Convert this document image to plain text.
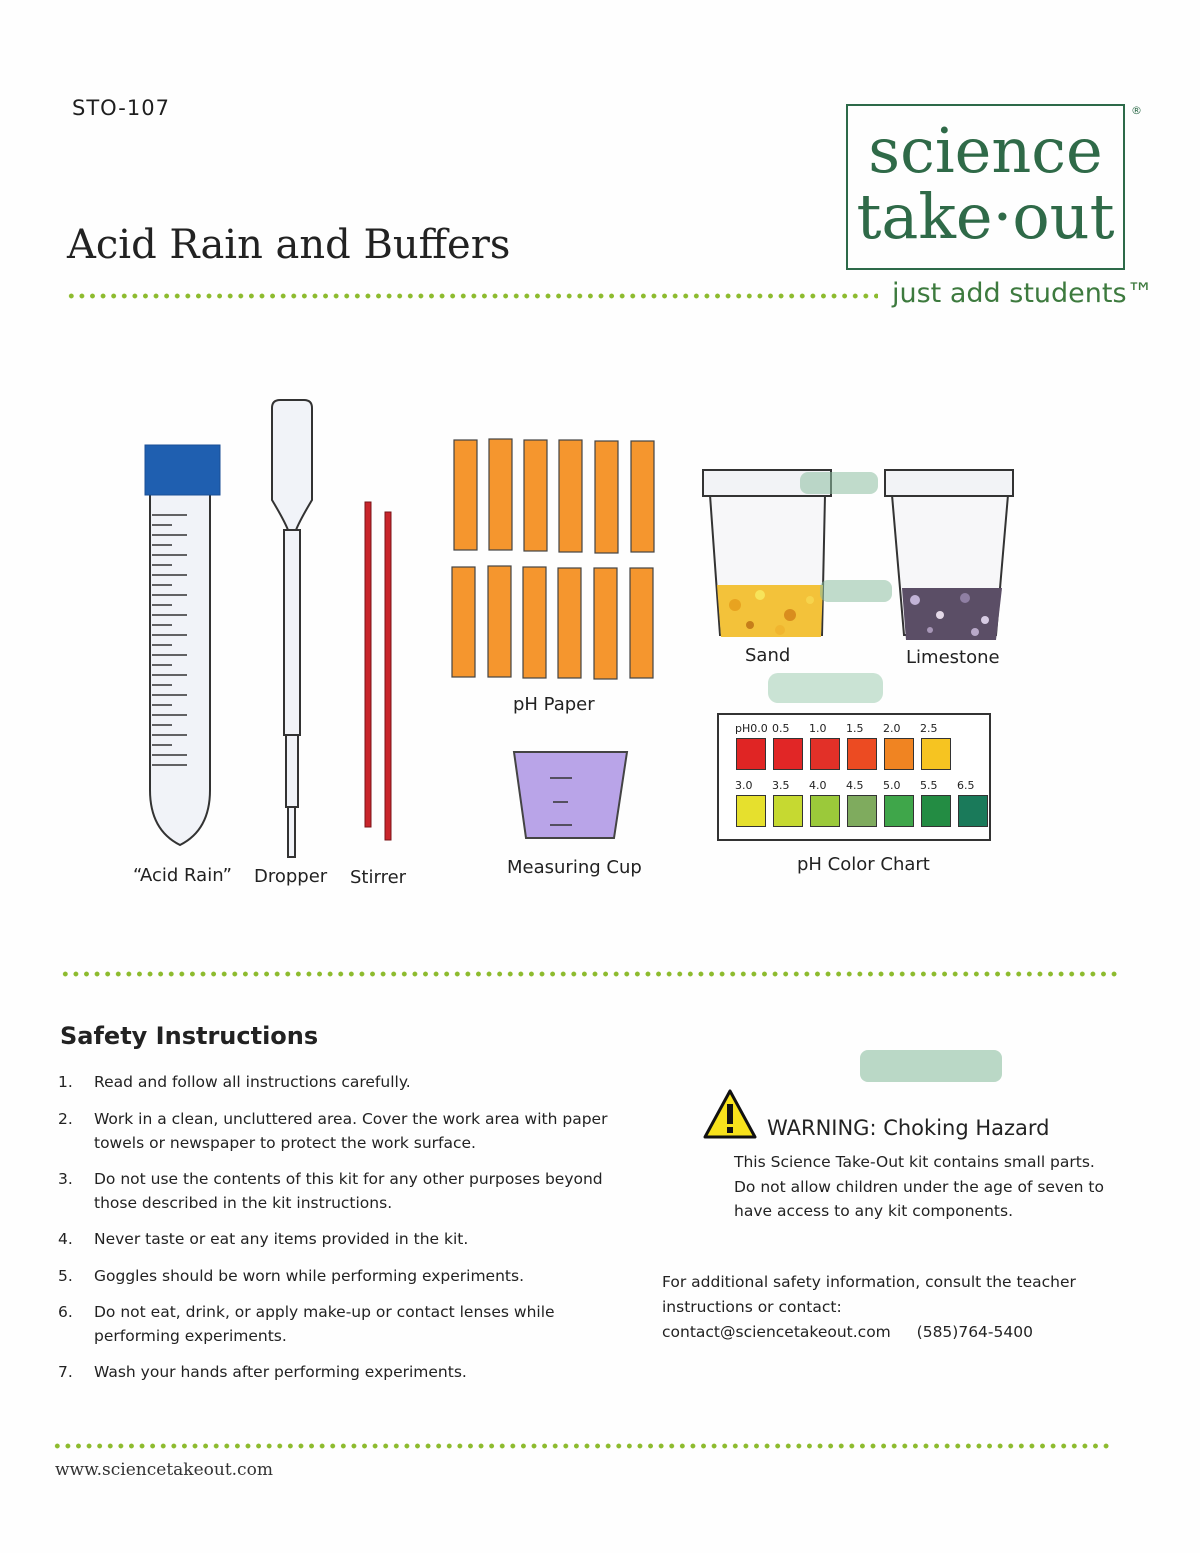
STO-107
Acid Rain and Buffers
science
take·out
®
just add students™
pH0.0 0.5 1.0 1.5 2.0 2.5
3.0 3.5 4.0 4.5 5.0 5.5 6.5
“Acid Rain” Dropper Stirrer
pH Paper
Measuring Cup
Sand	Limestone
pH Color Chart
Safety Instructions
1. Read and follow all instructions carefully.
2. Work in a clean, uncluttered area. Cover the work area with paper towels or newspaper to protect the work surface.
3. Do not use the contents of this kit for any other purposes beyond those described in the kit instructions.
4. Never taste or eat any items provided in the kit.
5. Goggles should be worn while performing experiments.
6. Do not eat, drink, or apply make-up or contact lenses while performing experiments.
7. Wash your hands after performing experiments.
WARNING: Choking Hazard
This Science Take-Out kit contains small parts. Do not allow children under the age of seven to have access to any kit components.
For additional safety information, consult the teacher instructions or contact:
contact@sciencetakeout.com (585)764-5400
www.sciencetakeout.com
